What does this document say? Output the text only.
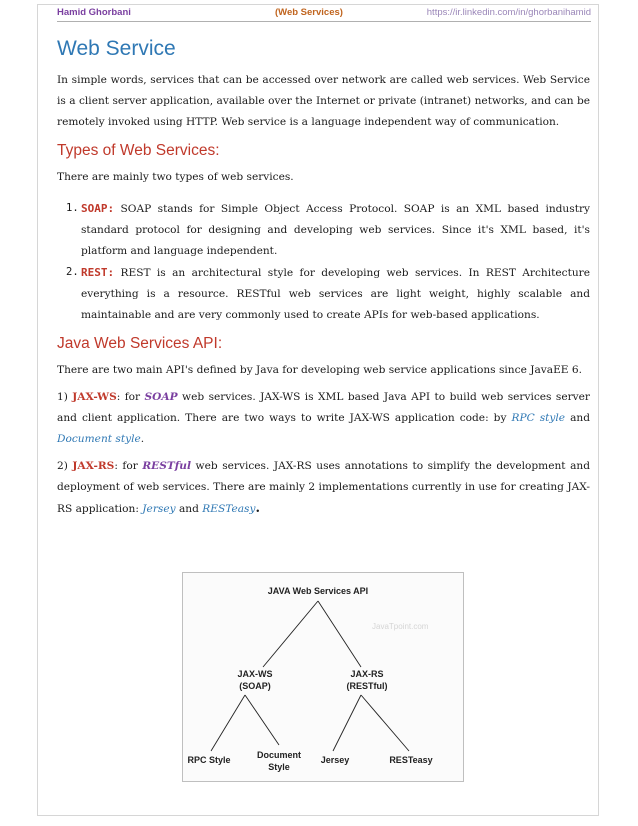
Hamid Ghorbani	(Web Services)	https://ir.linkedin.com/in/ghorbanihamid
Web Service

In simple words, services that can be accessed over network are called web services. Web Service is a client server application, available over the Internet or private (intranet) networks, and can be remotely invoked using HTTP. Web service is a language independent way of communication.

Types of Web Services:

There are mainly two types of web services.

1. SOAP: SOAP stands for Simple Object Access Protocol. SOAP is an XML based industry standard protocol for designing and developing web services. Since it's XML based, it's platform and language independent.
2. REST: REST is an architectural style for developing web services. In REST Architecture everything is a resource. RESTful web services are light weight, highly scalable and maintainable and are very commonly used to create APIs for web-based applications.
Java Web Services API:

There are two main API's defined by Java for developing web service applications since JavaEE 6.

1) JAX-WS: for SOAP web services. JAX-WS is XML based Java API to build web services server and client application. There are two ways to write JAX-WS application code: by RPC style and Document style.

2) JAX-RS: for RESTful web services. JAX-RS uses annotations to simplify the development and deployment of web services. There are mainly 2 implementations currently in use for creating JAX-RS application: Jersey and RESTeasy.

JAVA Web Services API
JAX-WS
(SOAP)
JAX-RS
(RESTful)
RPC Style	Document
Style
Jersey	RESTeasy
JavaTpoint.com
